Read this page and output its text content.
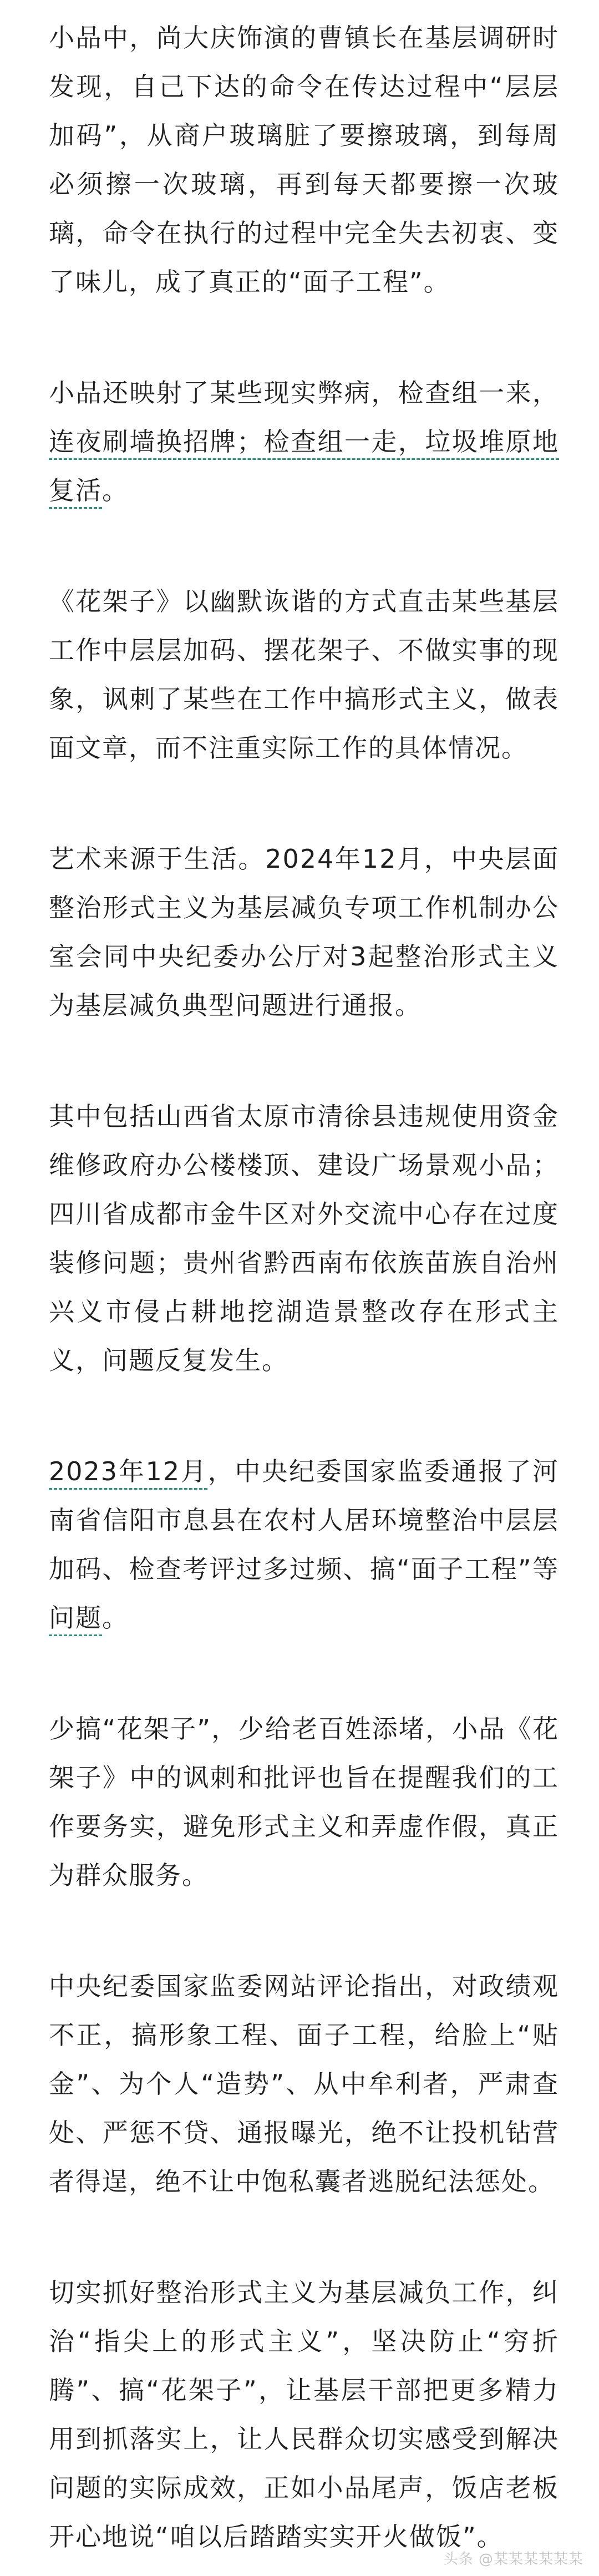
小品中，尚大庆饰演的曹镇长在基层调研时发现，自己下达的命令在传达过程中“层层加码”，从商户玻璃脏了要擦玻璃，到每周必须擦一次玻璃，再到每天都要擦一次玻璃，命令在执行的过程中完全失去初衷、变了味儿，成了真正的“面子工程”。

小品还映射了某些现实弊病，检查组一来，连夜刷墙换招牌；检查组一走，垃圾堆原地复活。

《花架子》以幽默诙谐的方式直击某些基层工作中层层加码、摆花架子、不做实事的现象，讽刺了某些在工作中搞形式主义，做表面文章，而不注重实际工作的具体情况。

艺术来源于生活。2024年12月，中央层面整治形式主义为基层减负专项工作机制办公室会同中央纪委办公厅对3起整治形式主义为基层减负典型问题进行通报。

其中包括山西省太原市清徐县违规使用资金维修政府办公楼楼顶、建设广场景观小品；四川省成都市金牛区对外交流中心存在过度装修问题；贵州省黔西南布依族苗族自治州兴义市侵占耕地挖湖造景整改存在形式主义，问题反复发生。

2023年12月，中央纪委国家监委通报了河南省信阳市息县在农村人居环境整治中层层加码、检查考评过多过频、搞“面子工程”等问题。

少搞“花架子”，少给老百姓添堵，小品《花架子》中的讽刺和批评也旨在提醒我们的工作要务实，避免形式主义和弄虚作假，真正为群众服务。

中央纪委国家监委网站评论指出，对政绩观不正，搞形象工程、面子工程，给脸上“贴金”、为个人“造势”、从中牟利者，严肃查处、严惩不贷、通报曝光，绝不让投机钻营者得逞，绝不让中饱私囊者逃脱纪法惩处。

切实抓好整治形式主义为基层减负工作，纠治“指尖上的形式主义”，坚决防止“穷折腾”、搞“花架子”，让基层干部把更多精力用到抓落实上，让人民群众切实感受到解决问题的实际成效，正如小品尾声，饭店老板开心地说“咱以后踏踏实实开火做饭”。

头条 @某某某某某某
